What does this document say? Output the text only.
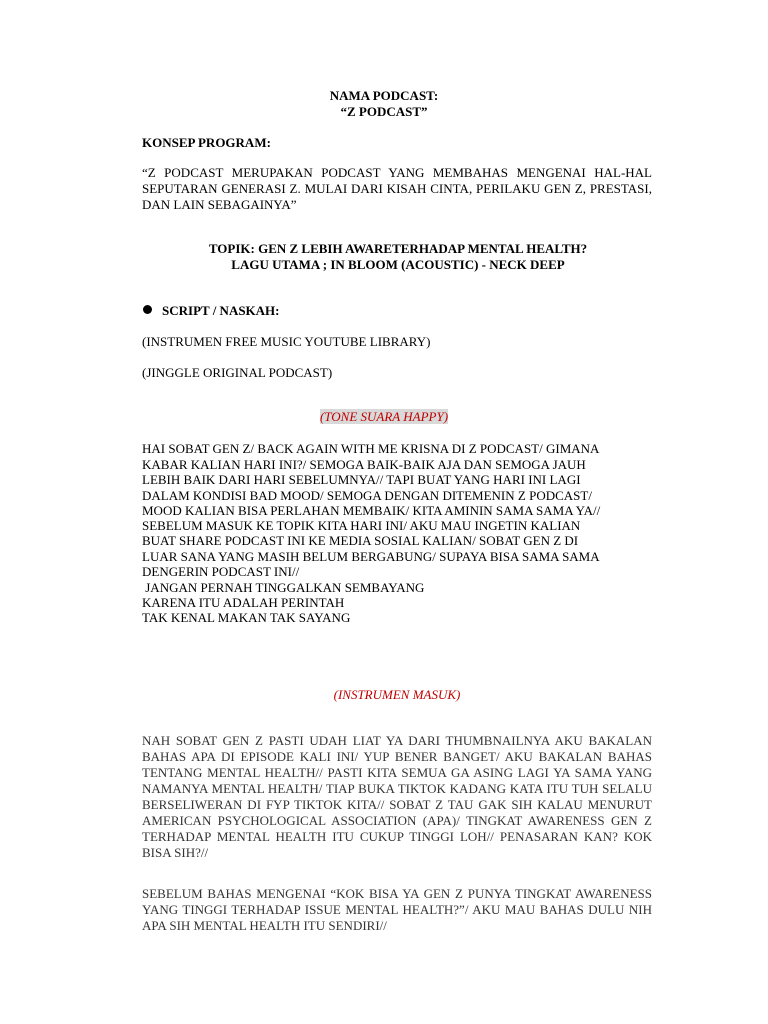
NAMA PODCAST:
“Z PODCAST”
KONSEP PROGRAM:
“Z PODCAST MERUPAKAN PODCAST YANG MEMBAHAS MENGENAI HAL-HAL SEPUTARAN GENERASI Z. MULAI DARI KISAH CINTA, PERILAKU GEN Z, PRESTASI, DAN LAIN SEBAGAINYA”
TOPIK: GEN Z LEBIH AWARETERHADAP MENTAL HEALTH?
LAGU UTAMA ; IN BLOOM (ACOUSTIC) - NECK DEEP
SCRIPT / NASKAH:
(INSTRUMEN FREE MUSIC YOUTUBE LIBRARY)
(JINGGLE ORIGINAL PODCAST)
(TONE SUARA HAPPY)
HAI SOBAT GEN Z/ BACK AGAIN WITH ME KRISNA DI Z PODCAST/ GIMANA
KABAR KALIAN HARI INI?/ SEMOGA BAIK-BAIK AJA DAN SEMOGA JAUH
LEBIH BAIK DARI HARI SEBELUMNYA// TAPI BUAT YANG HARI INI LAGI
DALAM KONDISI BAD MOOD/ SEMOGA DENGAN DITEMENIN Z PODCAST/
MOOD KALIAN BISA PERLAHAN MEMBAIK/ KITA AMININ SAMA SAMA YA//
SEBELUM MASUK KE TOPIK KITA HARI INI/ AKU MAU INGETIN KALIAN
BUAT SHARE PODCAST INI KE MEDIA SOSIAL KALIAN/ SOBAT GEN Z DI
LUAR SANA YANG MASIH BELUM BERGABUNG/ SUPAYA BISA SAMA SAMA
DENGERIN PODCAST INI//
JANGAN PERNAH TINGGALKAN SEMBAYANG
KARENA ITU ADALAH PERINTAH
TAK KENAL MAKAN TAK SAYANG
(INSTRUMEN MASUK)
NAH SOBAT GEN Z PASTI UDAH LIAT YA DARI THUMBNAILNYA AKU BAKALAN BAHAS APA DI EPISODE KALI INI/ YUP BENER BANGET/ AKU BAKALAN BAHAS TENTANG MENTAL HEALTH// PASTI KITA SEMUA GA ASING LAGI YA SAMA YANG NAMANYA MENTAL HEALTH/ TIAP BUKA TIKTOK KADANG KATA ITU TUH SELALU BERSELIWERAN DI FYP TIKTOK KITA// SOBAT Z TAU GAK SIH KALAU MENURUT AMERICAN PSYCHOLOGICAL ASSOCIATION (APA)/ TINGKAT AWARENESS GEN Z TERHADAP MENTAL HEALTH ITU CUKUP TINGGI LOH// PENASARAN KAN? KOK BISA SIH?//
SEBELUM BAHAS MENGENAI “KOK BISA YA GEN Z PUNYA TINGKAT AWARENESS YANG TINGGI TERHADAP ISSUE MENTAL HEALTH?”/ AKU MAU BAHAS DULU NIH APA SIH MENTAL HEALTH ITU SENDIRI//
